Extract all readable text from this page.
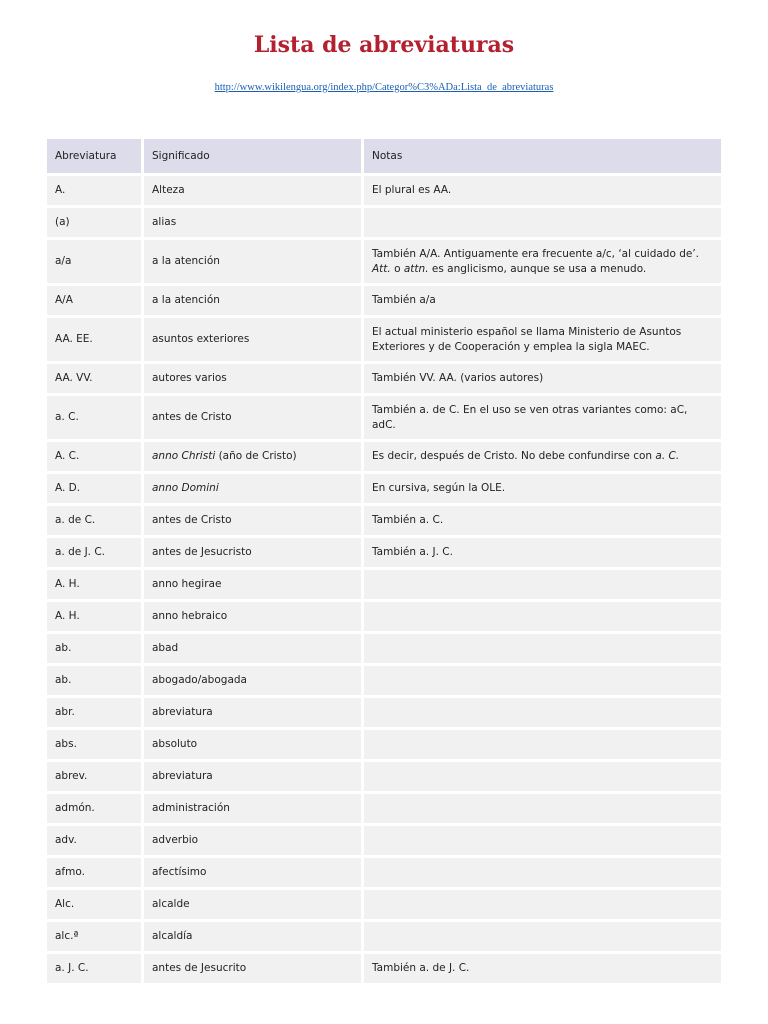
Lista de abreviaturas
http://www.wikilengua.org/index.php/Categor%C3%ADa:Lista_de_abreviaturas
Abreviatura	Significado	Notas
A.	Alteza	El plural es AA.
(a)	alias	
a/a	a la atención	También A/A. Antiguamente era frecuente a/c, ‘al cuidado de’. Att. o attn. es anglicismo, aunque se usa a menudo.
A/A	a la atención	También a/a
AA. EE.	asuntos exteriores	El actual ministerio español se llama Ministerio de Asuntos Exteriores y de Cooperación y emplea la sigla MAEC.
AA. VV.	autores varios	También VV. AA. (varios autores)
a. C.	antes de Cristo	También a. de C. En el uso se ven otras variantes como: aC, adC.
A. C.	anno Christi (año de Cristo)	Es decir, después de Cristo. No debe confundirse con a. C.
A. D.	anno Domini	En cursiva, según la OLE.
a. de C.	antes de Cristo	También a. C.
a. de J. C.	antes de Jesucristo	También a. J. C.
A. H.	anno hegirae	
A. H.	anno hebraico	
ab.	abad	
ab.	abogado/abogada	
abr.	abreviatura	
abs.	absoluto	
abrev.	abreviatura	
admón.	administración	
adv.	adverbio	
afmo.	afectísimo	
Alc.	alcalde	
alc.ª	alcaldía	
a. J. C.	antes de Jesucrito	También a. de J. C.
